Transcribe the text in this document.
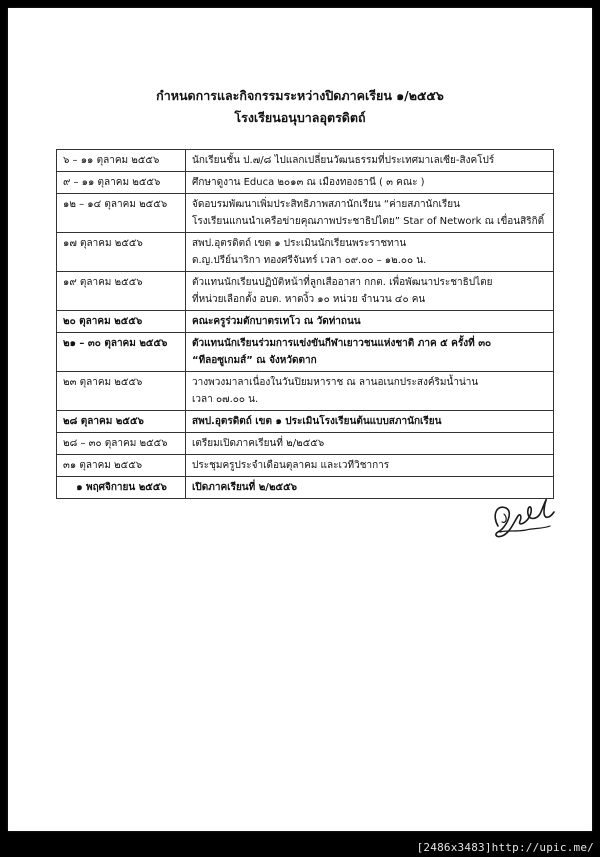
กำหนดการและกิจกรรมระหว่างปิดภาคเรียน ๑/๒๕๕๖
โรงเรียนอนุบาลอุตรดิตถ์
๖ – ๑๑ ตุลาคม ๒๕๕๖	นักเรียนชั้น ป.๗/๘ ไปแลกเปลี่ยนวัฒนธรรมที่ประเทศมาเลเซีย-สิงคโปร์

๙ – ๑๑ ตุลาคม ๒๕๕๖	ศึกษาดูงาน Educa ๒๐๑๓ ณ เมืองทองธานี ( ๓ คณะ )

๑๒ – ๑๔ ตุลาคม ๒๕๕๖	จัดอบรมพัฒนาเพิ่มประสิทธิภาพสภานักเรียน “ค่ายสภานักเรียน
โรงเรียนแกนนำเครือข่ายคุณภาพประชาธิปไตย” Star of Network ณ เขื่อนสิริกิติ์

๑๗ ตุลาคม ๒๕๕๖	สพป.อุตรดิตถ์ เขต ๑ ประเมินนักเรียนพระราชทาน
ด.ญ.ปรีย์นาริกา ทองศรีจันทร์ เวลา ๐๙.๐๐ – ๑๒.๐๐ น.

๑๙ ตุลาคม ๒๕๕๖	ตัวแทนนักเรียนปฏิบัติหน้าที่ลูกเสืออาสา กกต. เพื่อพัฒนาประชาธิปไตย
ที่หน่วยเลือกตั้ง อบต. หาดงิ้ว ๑๐ หน่วย จำนวน ๔๐ คน

๒๐ ตุลาคม ๒๕๕๖	คณะครูร่วมตักบาตรเทโว ณ วัดท่าถนน

๒๑ – ๓๐ ตุลาคม ๒๕๕๖	ตัวแทนนักเรียนร่วมการแข่งขันกีฬาเยาวชนแห่งชาติ ภาค ๕ ครั้งที่ ๓๐
“ทีลอซูเกมส์” ณ จังหวัดตาก

๒๓ ตุลาคม ๒๕๕๖	วางพวงมาลาเนื่องในวันปิยมหาราช ณ ลานอเนกประสงค์ริมน้ำน่าน
เวลา ๐๗.๐๐ น.

๒๘ ตุลาคม ๒๕๕๖	สพป.อุตรดิตถ์ เขต ๑ ประเมินโรงเรียนต้นแบบสภานักเรียน

๒๘ – ๓๐ ตุลาคม ๒๕๕๖	เตรียมเปิดภาคเรียนที่ ๒/๒๕๕๖

๓๑ ตุลาคม ๒๕๕๖	ประชุมครูประจำเดือนตุลาคม และเวทีวิชาการ

๑ พฤศจิกายน ๒๕๕๖	เปิดภาคเรียนที่ ๒/๒๕๕๖
[2486x3483]http://upic.me/
